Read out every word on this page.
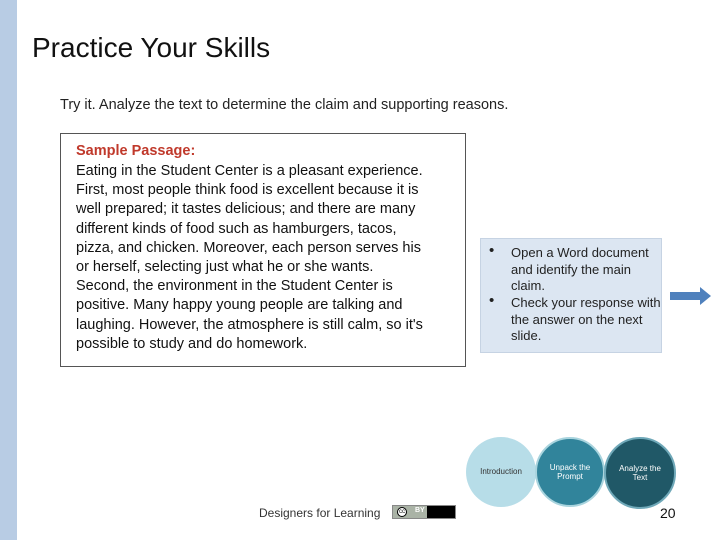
Practice Your Skills
Try it. Analyze the text to determine the claim and supporting reasons.
Sample Passage:
Eating in the Student Center is a pleasant experience.
First, most people think food is excellent because it is
well prepared; it tastes delicious; and there are many
different kinds of food such as hamburgers, tacos,
pizza, and chicken. Moreover, each person serves his
or herself, selecting just what he or she wants.
Second, the environment in the Student Center is
positive. Many happy young people are talking and
laughing. However, the atmosphere is still calm, so it's
possible to study and do homework.
• Open a Word document and identify the main claim.
• Check your response with the answer on the next slide.
Introduction
Unpack the Prompt
Analyze the Text
Designers for Learning	cc BY	20
